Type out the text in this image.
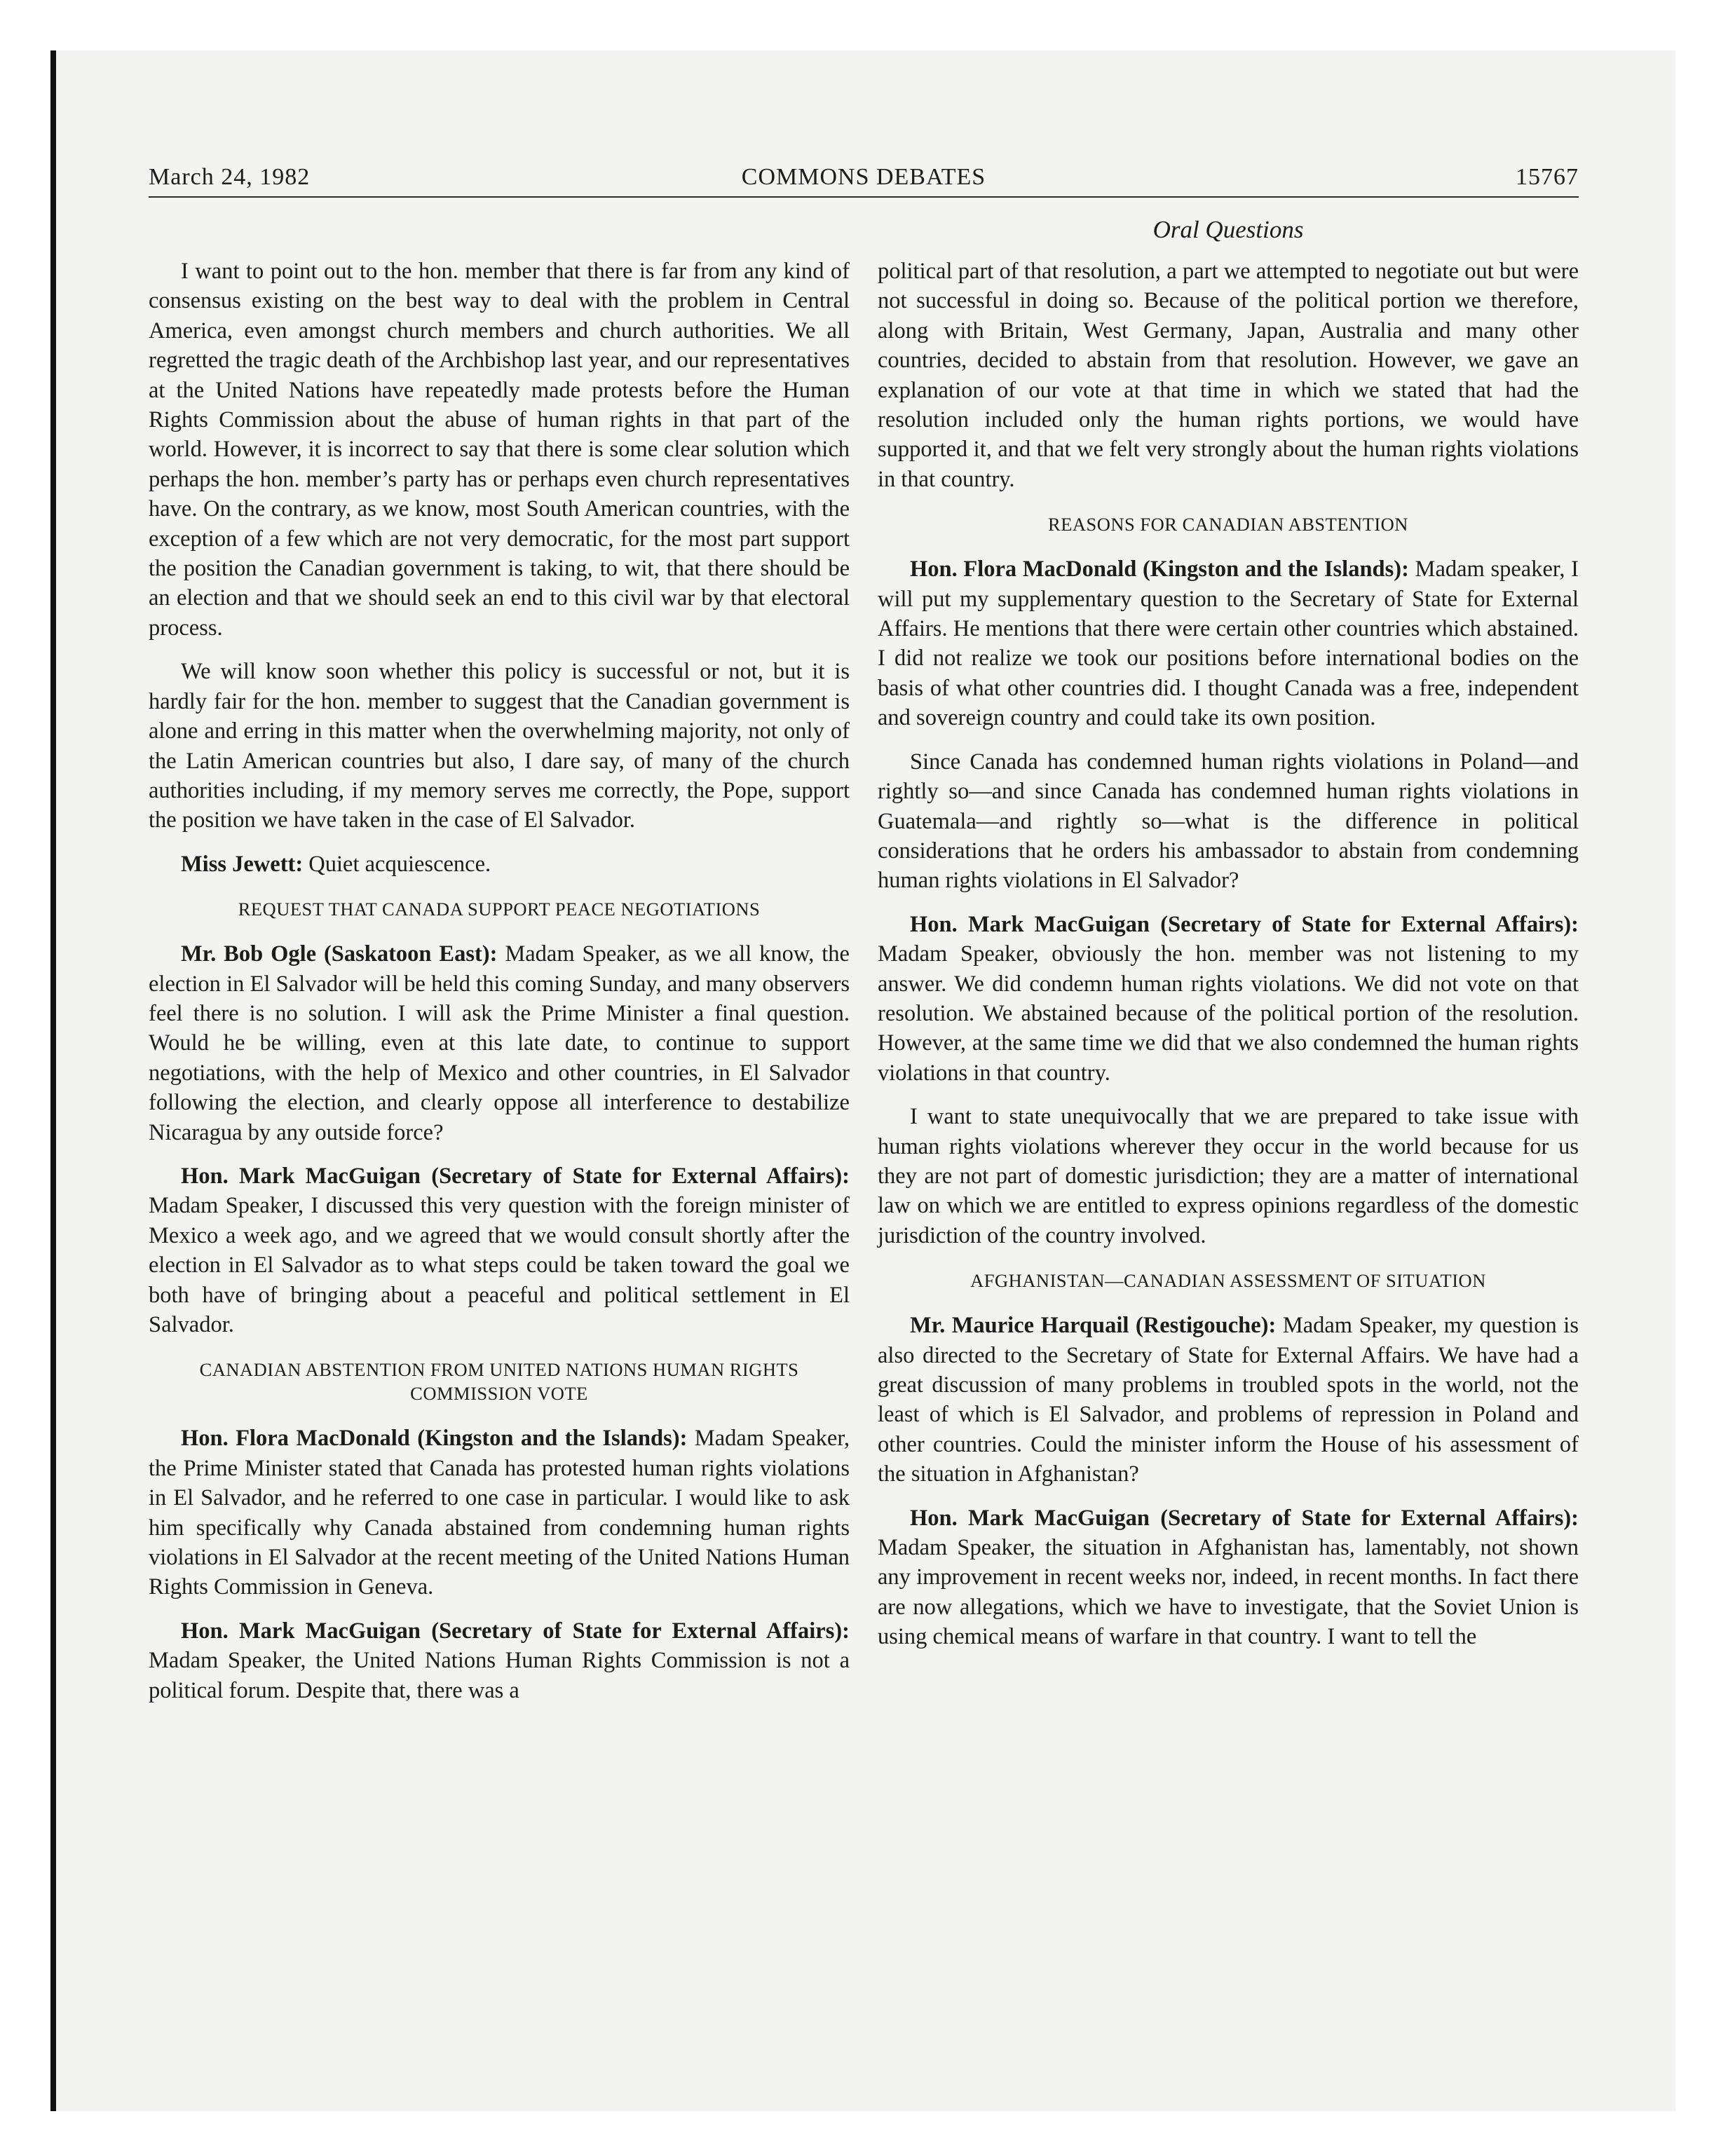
March 24, 1982	COMMONS DEBATES	15767
Oral Questions

I want to point out to the hon. member that there is far from any kind of consensus existing on the best way to deal with the problem in Central America, even amongst church members and church authorities. We all regretted the tragic death of the Archbishop last year, and our representatives at the United Nations have repeatedly made protests before the Human Rights Commission about the abuse of human rights in that part of the world. However, it is incorrect to say that there is some clear solution which perhaps the hon. member’s party has or perhaps even church representatives have. On the contrary, as we know, most South American countries, with the exception of a few which are not very democratic, for the most part support the position the Canadian government is taking, to wit, that there should be an election and that we should seek an end to this civil war by that electoral process.

We will know soon whether this policy is successful or not, but it is hardly fair for the hon. member to suggest that the Canadian government is alone and erring in this matter when the overwhelming majority, not only of the Latin American countries but also, I dare say, of many of the church authorities including, if my memory serves me correctly, the Pope, support the position we have taken in the case of El Salvador.

Miss Jewett: Quiet acquiescence.

REQUEST THAT CANADA SUPPORT PEACE NEGOTIATIONS

Mr. Bob Ogle (Saskatoon East): Madam Speaker, as we all know, the election in El Salvador will be held this coming Sunday, and many observers feel there is no solution. I will ask the Prime Minister a final question. Would he be willing, even at this late date, to continue to support negotiations, with the help of Mexico and other countries, in El Salvador following the election, and clearly oppose all interference to destabilize Nicaragua by any outside force?

Hon. Mark MacGuigan (Secretary of State for External Affairs): Madam Speaker, I discussed this very question with the foreign minister of Mexico a week ago, and we agreed that we would consult shortly after the election in El Salvador as to what steps could be taken toward the goal we both have of bringing about a peaceful and political settlement in El Salvador.

CANADIAN ABSTENTION FROM UNITED NATIONS HUMAN RIGHTS COMMISSION VOTE

Hon. Flora MacDonald (Kingston and the Islands): Madam Speaker, the Prime Minister stated that Canada has protested human rights violations in El Salvador, and he referred to one case in particular. I would like to ask him specifically why Canada abstained from condemning human rights violations in El Salvador at the recent meeting of the United Nations Human Rights Commission in Geneva.

Hon. Mark MacGuigan (Secretary of State for External Affairs): Madam Speaker, the United Nations Human Rights Commission is not a political forum. Despite that, there was a

political part of that resolution, a part we attempted to negotiate out but were not successful in doing so. Because of the political portion we therefore, along with Britain, West Germany, Japan, Australia and many other countries, decided to abstain from that resolution. However, we gave an explanation of our vote at that time in which we stated that had the resolution included only the human rights portions, we would have supported it, and that we felt very strongly about the human rights violations in that country.

REASONS FOR CANADIAN ABSTENTION

Hon. Flora MacDonald (Kingston and the Islands): Madam speaker, I will put my supplementary question to the Secretary of State for External Affairs. He mentions that there were certain other countries which abstained. I did not realize we took our positions before international bodies on the basis of what other countries did. I thought Canada was a free, independent and sovereign country and could take its own position.

Since Canada has condemned human rights violations in Poland—and rightly so—and since Canada has condemned human rights violations in Guatemala—and rightly so—what is the difference in political considerations that he orders his ambassador to abstain from condemning human rights violations in El Salvador?

Hon. Mark MacGuigan (Secretary of State for External Affairs): Madam Speaker, obviously the hon. member was not listening to my answer. We did condemn human rights violations. We did not vote on that resolution. We abstained because of the political portion of the resolution. However, at the same time we did that we also condemned the human rights violations in that country.

I want to state unequivocally that we are prepared to take issue with human rights violations wherever they occur in the world because for us they are not part of domestic jurisdiction; they are a matter of international law on which we are entitled to express opinions regardless of the domestic jurisdiction of the country involved.

AFGHANISTAN—CANADIAN ASSESSMENT OF SITUATION

Mr. Maurice Harquail (Restigouche): Madam Speaker, my question is also directed to the Secretary of State for External Affairs. We have had a great discussion of many problems in troubled spots in the world, not the least of which is El Salvador, and problems of repression in Poland and other countries. Could the minister inform the House of his assessment of the situation in Afghanistan?

Hon. Mark MacGuigan (Secretary of State for External Affairs): Madam Speaker, the situation in Afghanistan has, lamentably, not shown any improvement in recent weeks nor, indeed, in recent months. In fact there are now allegations, which we have to investigate, that the Soviet Union is using chemical means of warfare in that country. I want to tell the
